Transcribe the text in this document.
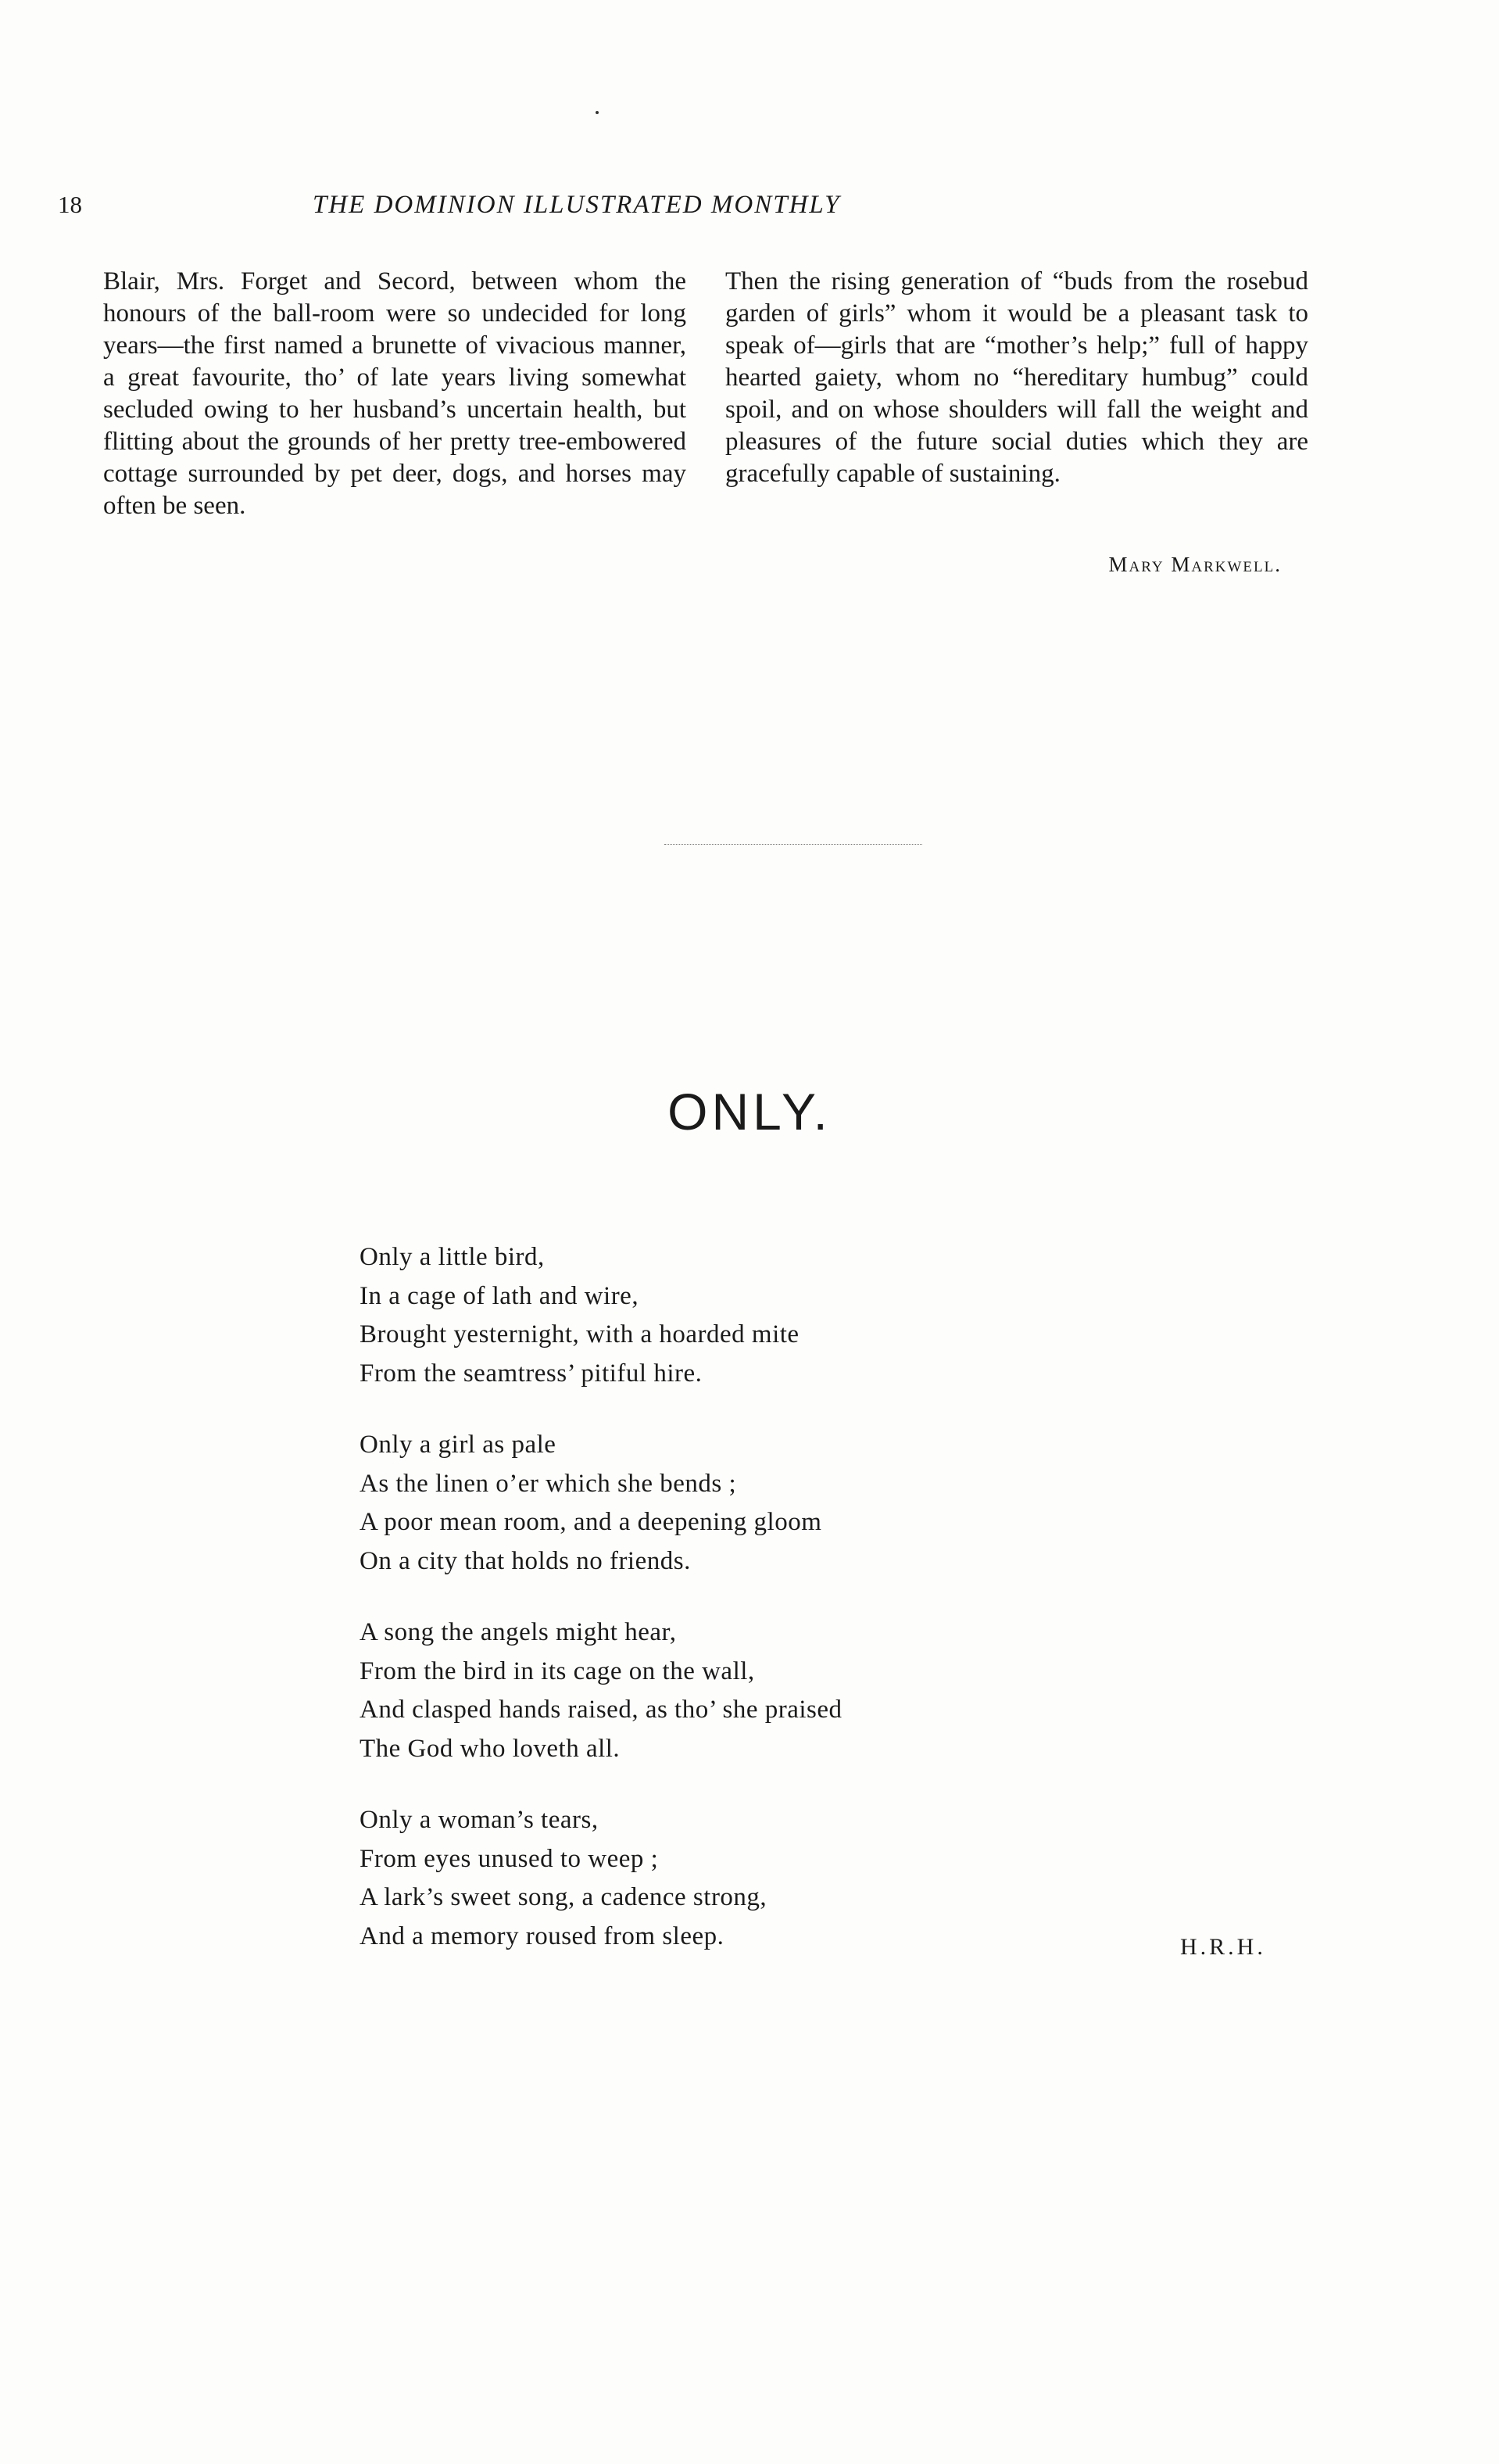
18	THE DOMINION ILLUSTRATED MONTHLY

Blair, Mrs. Forget and Secord, between whom the honours of the ball-room were so undecided for long years—the first named a brunette of vivacious manner, a great favourite, tho’ of late years living somewhat secluded owing to her husband’s uncertain health, but flitting about the grounds of her pretty tree-embowered cottage surrounded by pet deer, dogs, and horses may often be seen.

Then the rising generation of “buds from the rosebud garden of girls” whom it would be a pleasant task to speak of—girls that are “mother’s help;” full of happy hearted gaiety, whom no “hereditary humbug” could spoil, and on whose shoulders will fall the weight and pleasures of the future social duties which they are gracefully capable of sustaining.

Mary Markwell.
ONLY.
Only a little bird,
In a cage of lath and wire,
Brought yesternight, with a hoarded mite
From the seamtress’ pitiful hire.
Only a girl as pale
As the linen o’er which she bends ;
A poor mean room, and a deepening gloom
On a city that holds no friends.
A song the angels might hear,
From the bird in its cage on the wall,
And clasped hands raised, as tho’ she praised
The God who loveth all.
Only a woman’s tears,
From eyes unused to weep ;
A lark’s sweet song, a cadence strong,
And a memory roused from sleep.	H.R.H.
